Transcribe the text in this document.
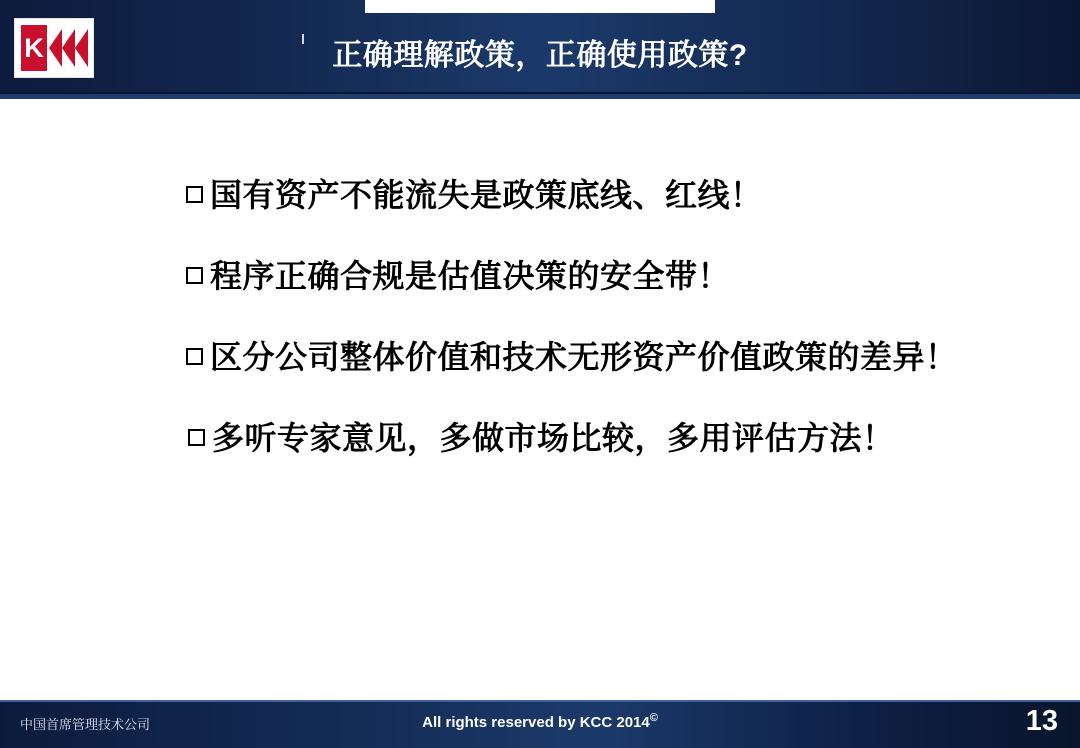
正确理解政策，正确使用政策?
K
国有资产不能流失是政策底线、红线！
程序正确合规是估值决策的安全带！
区分公司整体价值和技术无形资产价值政策的差异！
多听专家意见，多做市场比较，多用评估方法！
中国首席管理技术公司	All rights reserved by KCC 2014©	13
